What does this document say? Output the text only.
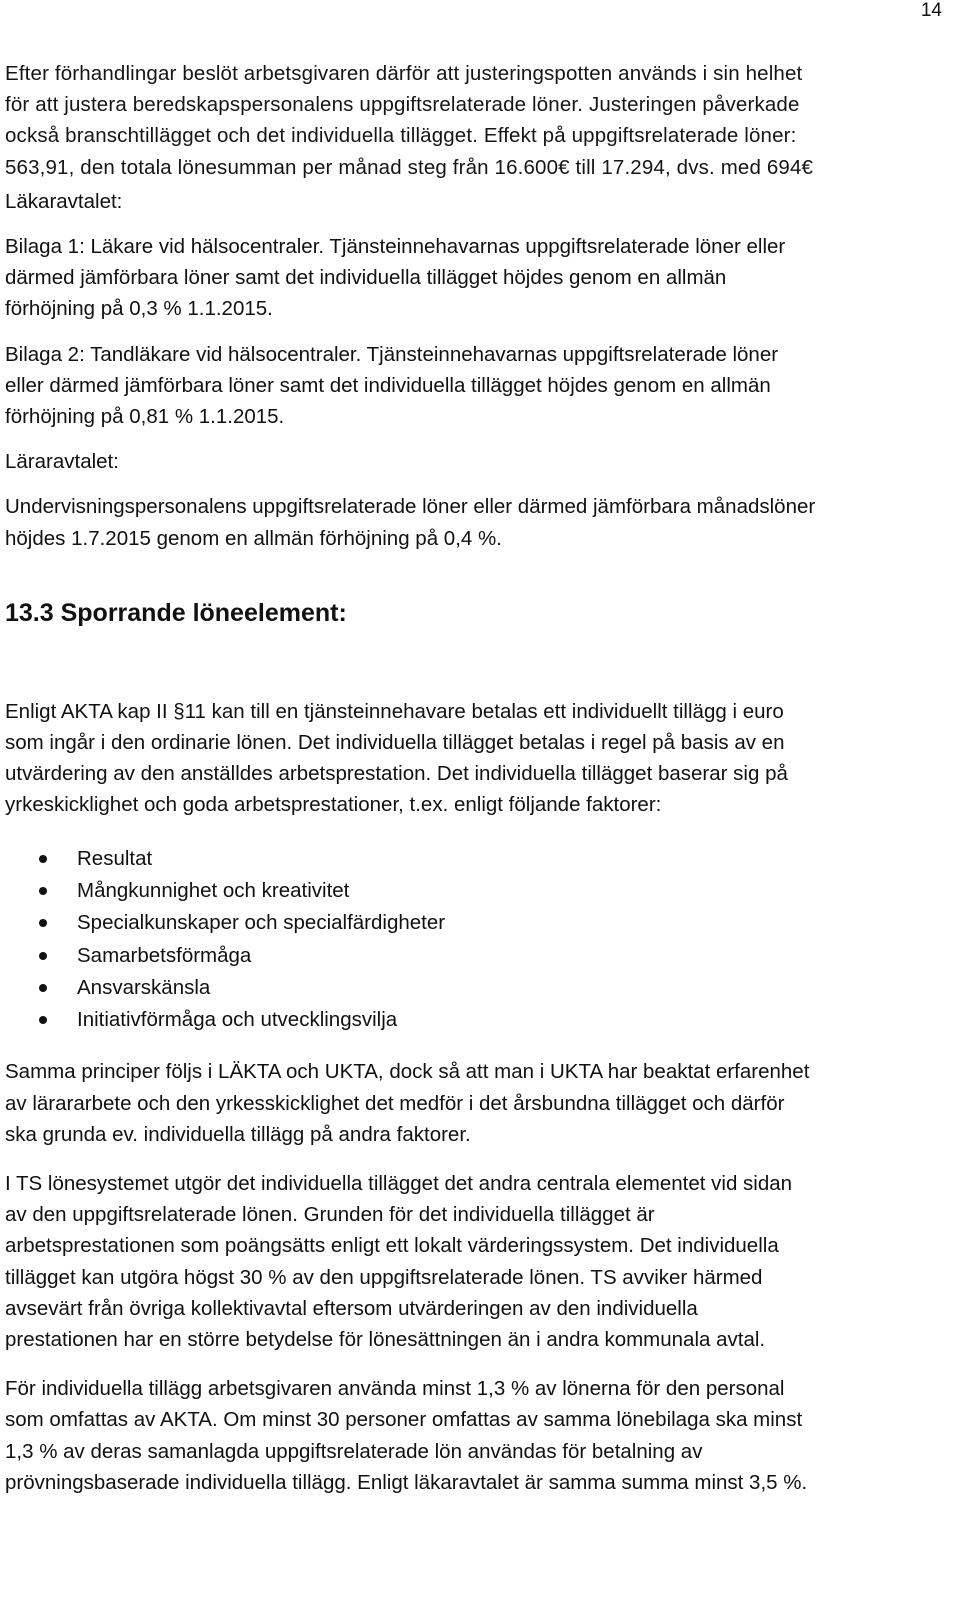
14

Efter förhandlingar beslöt arbetsgivaren därför att justeringspotten används i sin helhet
för att justera beredskapspersonalens uppgiftsrelaterade löner. Justeringen påverkade
också branschtillägget och det individuella tillägget. Effekt på uppgiftsrelaterade löner:
563,91, den totala lönesumman per månad steg från 16.600€ till 17.294, dvs. med 694€

Läkaravtalet:

Bilaga 1: Läkare vid hälsocentraler. Tjänsteinnehavarnas uppgiftsrelaterade löner eller
därmed jämförbara löner samt det individuella tillägget höjdes genom en allmän
förhöjning på 0,3 % 1.1.2015.

Bilaga 2: Tandläkare vid hälsocentraler. Tjänsteinnehavarnas uppgiftsrelaterade löner
eller därmed jämförbara löner samt det individuella tillägget höjdes genom en allmän
förhöjning på 0,81 % 1.1.2015.

Läraravtalet:

Undervisningspersonalens uppgiftsrelaterade löner eller därmed jämförbara månadslöner
höjdes 1.7.2015 genom en allmän förhöjning på 0,4 %.

13.3 Sporrande löneelement:

Enligt AKTA kap II §11 kan till en tjänsteinnehavare betalas ett individuellt tillägg i euro
som ingår i den ordinarie lönen. Det individuella tillägget betalas i regel på basis av en
utvärdering av den anställdes arbetsprestation. Det individuella tillägget baserar sig på
yrkeskicklighet och goda arbetsprestationer, t.ex. enligt följande faktorer:

Resultat
Mångkunnighet och kreativitet
Specialkunskaper och specialfärdigheter
Samarbetsförmåga
Ansvarskänsla
Initiativförmåga och utvecklingsvilja

Samma principer följs i LÄKTA och UKTA, dock så att man i UKTA har beaktat erfarenhet
av lärararbete och den yrkesskicklighet det medför i det årsbundna tillägget och därför
ska grunda ev. individuella tillägg på andra faktorer.

I TS lönesystemet utgör det individuella tillägget det andra centrala elementet vid sidan
av den uppgiftsrelaterade lönen. Grunden för det individuella tillägget är
arbetsprestationen som poängsätts enligt ett lokalt värderingssystem. Det individuella
tillägget kan utgöra högst 30 % av den uppgiftsrelaterade lönen. TS avviker härmed
avsevärt från övriga kollektivavtal eftersom utvärderingen av den individuella
prestationen har en större betydelse för lönesättningen än i andra kommunala avtal.

För individuella tillägg arbetsgivaren använda minst 1,3 % av lönerna för den personal
som omfattas av AKTA. Om minst 30 personer omfattas av samma lönebilaga ska minst
1,3 % av deras samanlagda uppgiftsrelaterade lön användas för betalning av
prövningsbaserade individuella tillägg. Enligt läkaravtalet är samma summa minst 3,5 %.
